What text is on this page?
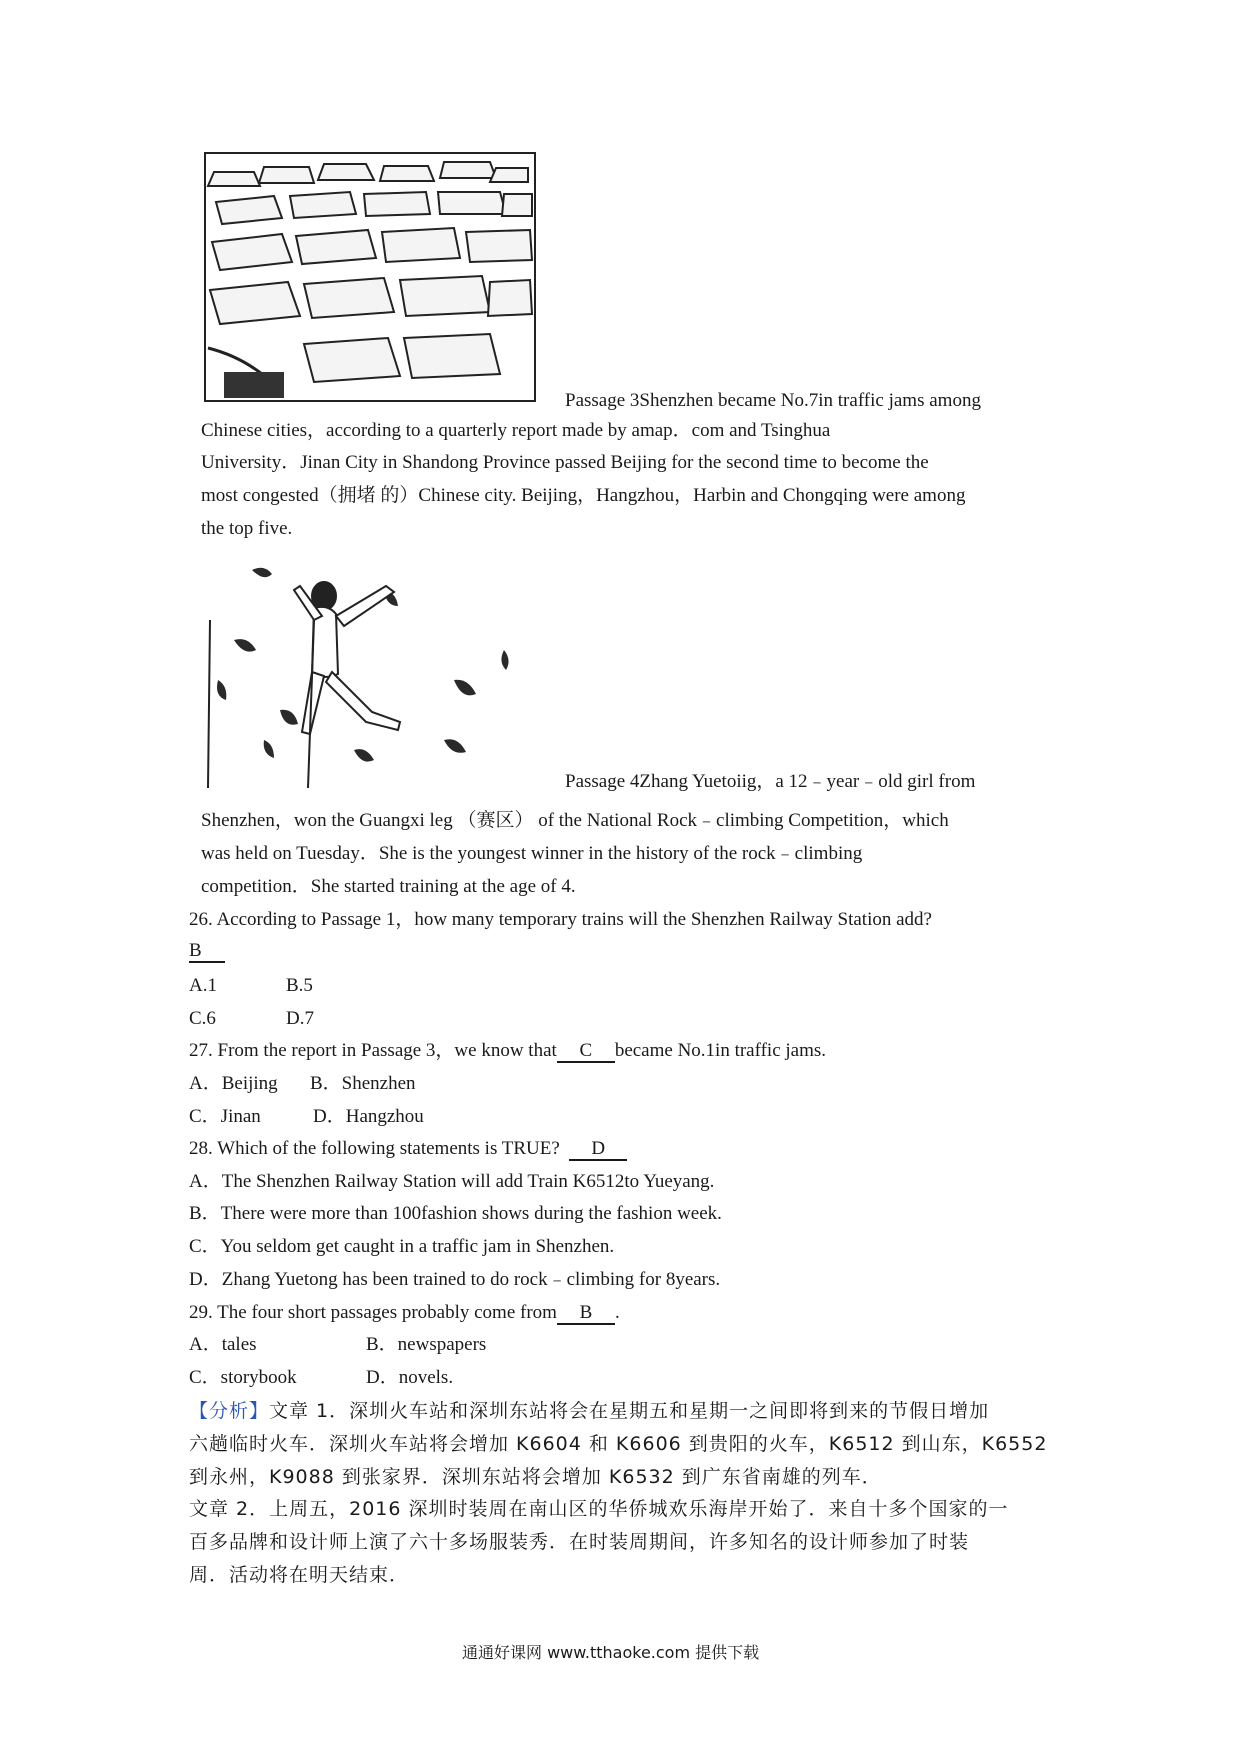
Passage 3Shenzhen became No.7in traffic jams among
Chinese cities，according to a quarterly report made by amap．com and Tsinghua
University．Jinan City in Shandong Province passed Beijing for the second time to become the
most congested（拥堵 的）Chinese city. Beijing，Hangzhou，Harbin and Chongqing were among
the top five.
Passage 4Zhang Yuetoiig，a 12﹣year﹣old girl from
Shenzhen，won the Guangxi leg （赛区） of the National Rock﹣climbing Competition，which
was held on Tuesday．She is the youngest winner in the history of the rock﹣climbing
competition．She started training at the age of 4.
26. According to Passage 1，how many temporary trains will the Shenzhen Railway Station add?
B
A.1	B.5
C.6	D.7
27. From the report in Passage 3，we know that C became No.1in traffic jams.
A．Beijing B．Shenzhen
C．Jinan	D．Hangzhou
28. Which of the following statements is TRUE? D
A．The Shenzhen Railway Station will add Train K6512to Yueyang.
B．There were more than 100fashion shows during the fashion week.
C．You seldom get caught in a traffic jam in Shenzhen.
D．Zhang Yuetong has been trained to do rock﹣climbing for 8years.
29. The four short passages probably come from B .
A．tales	B．newspapers
C．storybook	D．novels.
【分析】文章 1．深圳火车站和深圳东站将会在星期五和星期一之间即将到来的节假日增加
六趟临时火车．深圳火车站将会增加 K6604 和 K6606 到贵阳的火车，K6512 到山东，K6552
到永州，K9088 到张家界．深圳东站将会增加 K6532 到广东省南雄的列车．
文章 2．上周五，2016 深圳时装周在南山区的华侨城欢乐海岸开始了．来自十多个国家的一
百多品牌和设计师上演了六十多场服装秀．在时装周期间，许多知名的设计师参加了时装
周．活动将在明天结束．
通通好课网 www.tthaoke.com 提供下载
